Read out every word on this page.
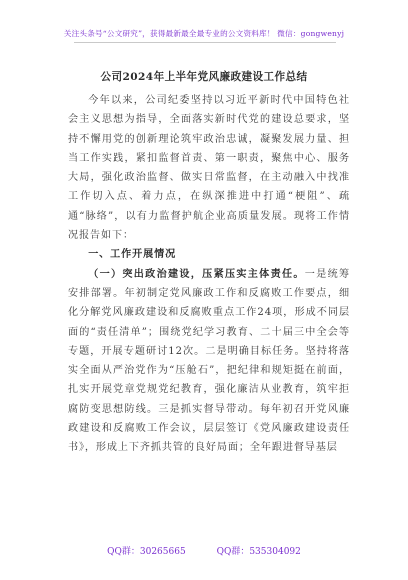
关注头条号“公文研究”，获得最新最全最专业的公文资料库！ 微信：gongwenyj
公司2024年上半年党风廉政建设工作总结

今年以来，公司纪委坚持以习近平新时代中国特色社会主义思想为指导，全面落实新时代党的建设总要求，坚持不懈用党的创新理论筑牢政治忠诚，凝聚发展力量、担当工作实践，紧扣监督首责、第一职责，聚焦中心、服务大局，强化政治监督、做实日常监督，在主动融入中找准工作切入点、着力点，在纵深推进中打通“梗阻”、疏通“脉络”，以有力监督护航企业高质量发展。现将工作情况报告如下：

一、工作开展情况

（一）突出政治建设，压紧压实主体责任。一是统筹安排部署。年初制定党风廉政工作和反腐败工作要点，细化分解党风廉政建设和反腐败重点工作24项，形成不同层面的“责任清单”；围绕党纪学习教育、二十届三中全会等专题，开展专题研讨12次。二是明确目标任务。坚持将落实全面从严治党作为“压舱石”，把纪律和规矩挺在前面，扎实开展党章党规党纪教育，强化廉洁从业教育，筑牢拒腐防变思想防线。三是抓实督导带动。每年初召开党风廉政建设和反腐败工作会议，层层签订《党风廉政建设责任书》，形成上下齐抓共管的良好局面；全年跟进督导基层

QQ群：30265665	QQ群：535304092
